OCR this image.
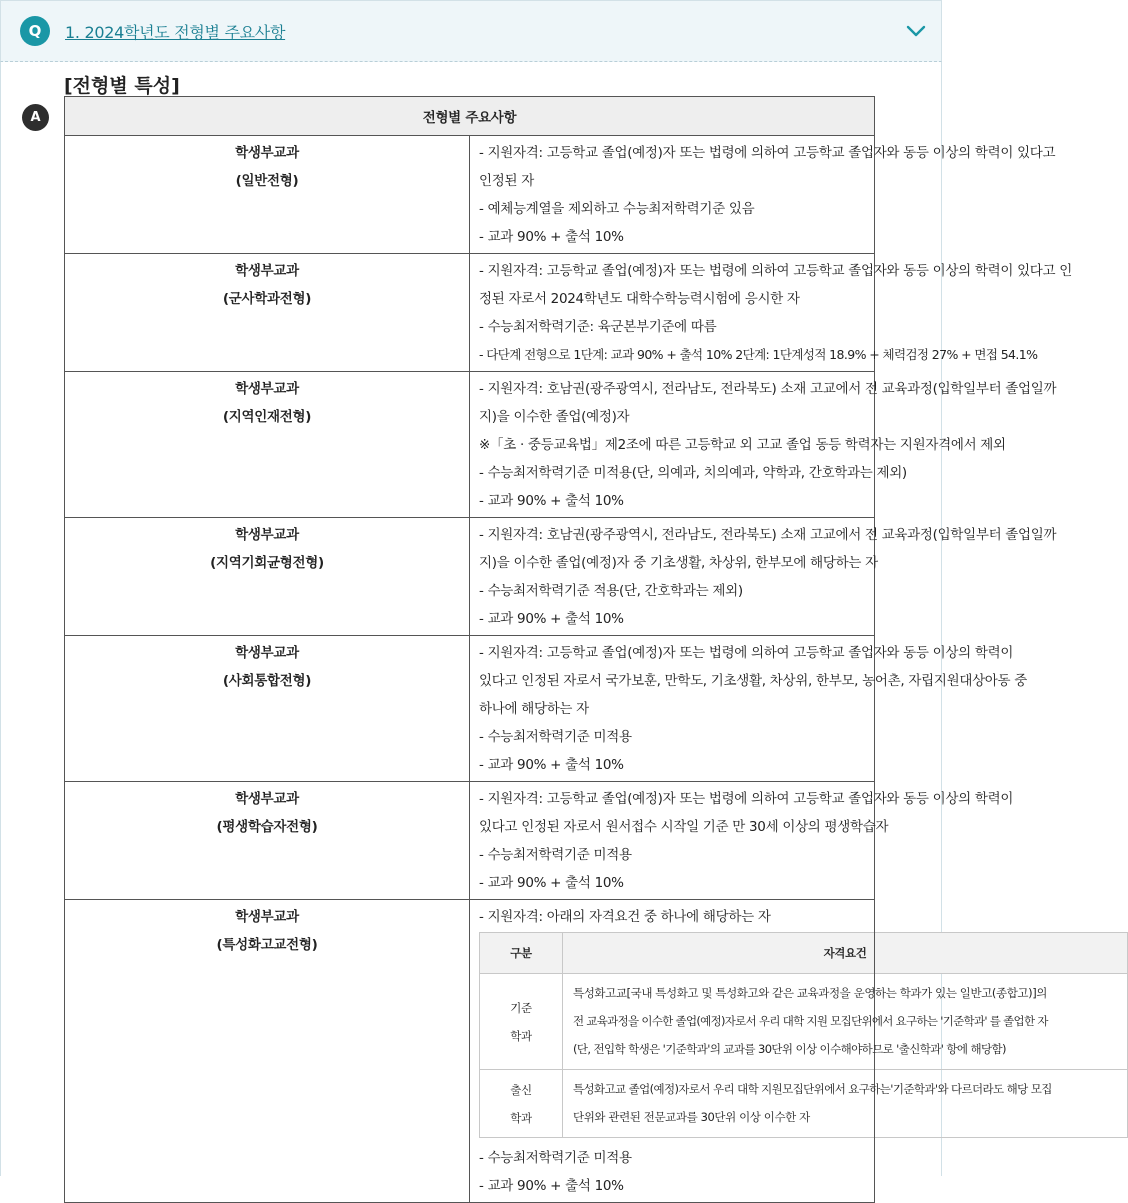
Q	1. 2024학년도 전형별 주요사항
[전형별 특성]
A	전형별 주요사항

학생부교과
(일반전형)

- 지원자격: 고등학교 졸업(예정)자 또는 법령에 의하여 고등학교 졸업자와 동등 이상의 학력이 있다고
인정된 자
- 예체능계열을 제외하고 수능최저학력기준 있음
- 교과 90% + 출석 10%

학생부교과
(군사학과전형)

- 지원자격: 고등학교 졸업(예정)자 또는 법령에 의하여 고등학교 졸업자와 동등 이상의 학력이 있다고 인
정된 자로서 2024학년도 대학수학능력시험에 응시한 자
- 수능최저학력기준: 육군본부기준에 따름
- 다단계 전형으로 1단계: 교과 90% + 출석 10% 2단계: 1단계성적 18.9% + 체력검정 27% + 면접 54.1%

학생부교과
(지역인재전형)

- 지원자격: 호남권(광주광역시, 전라남도, 전라북도) 소재 고교에서 전 교육과정(입학일부터 졸업일까
지)을 이수한 졸업(예정)자
※「초 · 중등교육법」제2조에 따른 고등학교 외 고교 졸업 동등 학력자는 지원자격에서 제외
- 수능최저학력기준 미적용(단, 의예과, 치의예과, 약학과, 간호학과는 제외)
- 교과 90% + 출석 10%

학생부교과
(지역기회균형전형)

- 지원자격: 호남권(광주광역시, 전라남도, 전라북도) 소재 고교에서 전 교육과정(입학일부터 졸업일까
지)을 이수한 졸업(예정)자 중 기초생활, 차상위, 한부모에 해당하는 자
- 수능최저학력기준 적용(단, 간호학과는 제외)
- 교과 90% + 출석 10%

학생부교과
(사회통합전형)

- 지원자격: 고등학교 졸업(예정)자 또는 법령에 의하여 고등학교 졸업자와 동등 이상의 학력이
있다고 인정된 자로서 국가보훈, 만학도, 기초생활, 차상위, 한부모, 농어촌, 자립지원대상아동 중
하나에 해당하는 자
- 수능최저학력기준 미적용
- 교과 90% + 출석 10%

학생부교과
(평생학습자전형)

- 지원자격: 고등학교 졸업(예정)자 또는 법령에 의하여 고등학교 졸업자와 동등 이상의 학력이
있다고 인정된 자로서 원서접수 시작일 기준 만 30세 이상의 평생학습자
- 수능최저학력기준 미적용
- 교과 90% + 출석 10%

학생부교과
(특성화고교전형)

- 지원자격: 아래의 자격요건 중 하나에 해당하는 자
구분	자격요건

기준
학과

특성화고교[국내 특성화고 및 특성화고와 같은 교육과정을 운영하는 학과가 있는 일반고(종합고)]의
전 교육과정을 이수한 졸업(예정)자로서 우리 대학 지원 모집단위에서 요구하는 '기준학과' 를 졸업한 자
(단, 전입학 학생은 '기준학과'의 교과를 30단위 이상 이수해야하므로 '출신학과' 항에 해당함)

출신
학과

특성화고교 졸업(예정)자로서 우리 대학 지원모집단위에서 요구하는'기준학과'와 다르더라도 해당 모집
단위와 관련된 전문교과를 30단위 이상 이수한 자
- 수능최저학력기준 미적용
- 교과 90% + 출석 10%
